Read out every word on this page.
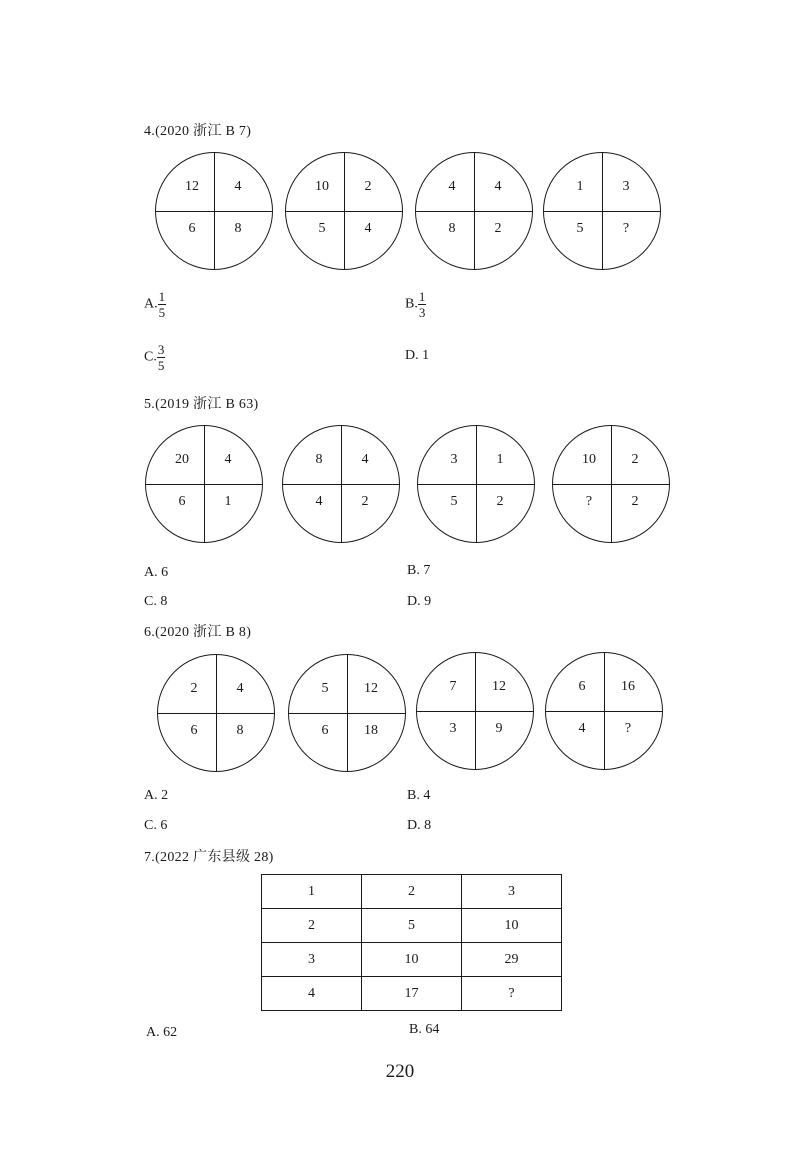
4.(2020 浙江 B 7)
12	4
6	8
10	2
5	4
4	4
8	2
1	3
5	?
A. $\frac{1}{5}$	B. $\frac{1}{3}$
C. $\frac{3}{5}$	D. 1
5.(2019 浙江 B 63)
20	4
6	1
8	4
4	2
3	1
5	2
10	2
?	2
A. 6	B. 7
C. 8	D. 9
6.(2020 浙江 B 8)
2	4
6	8
5	12
6	18
7	12
3	9
6	16
4	?
A. 2	B. 4
C. 6	D. 8
7.(2022 广东县级 28)
1	2	3
2	5	10
3	10	29
4	17	?
A. 62	B. 64
220
